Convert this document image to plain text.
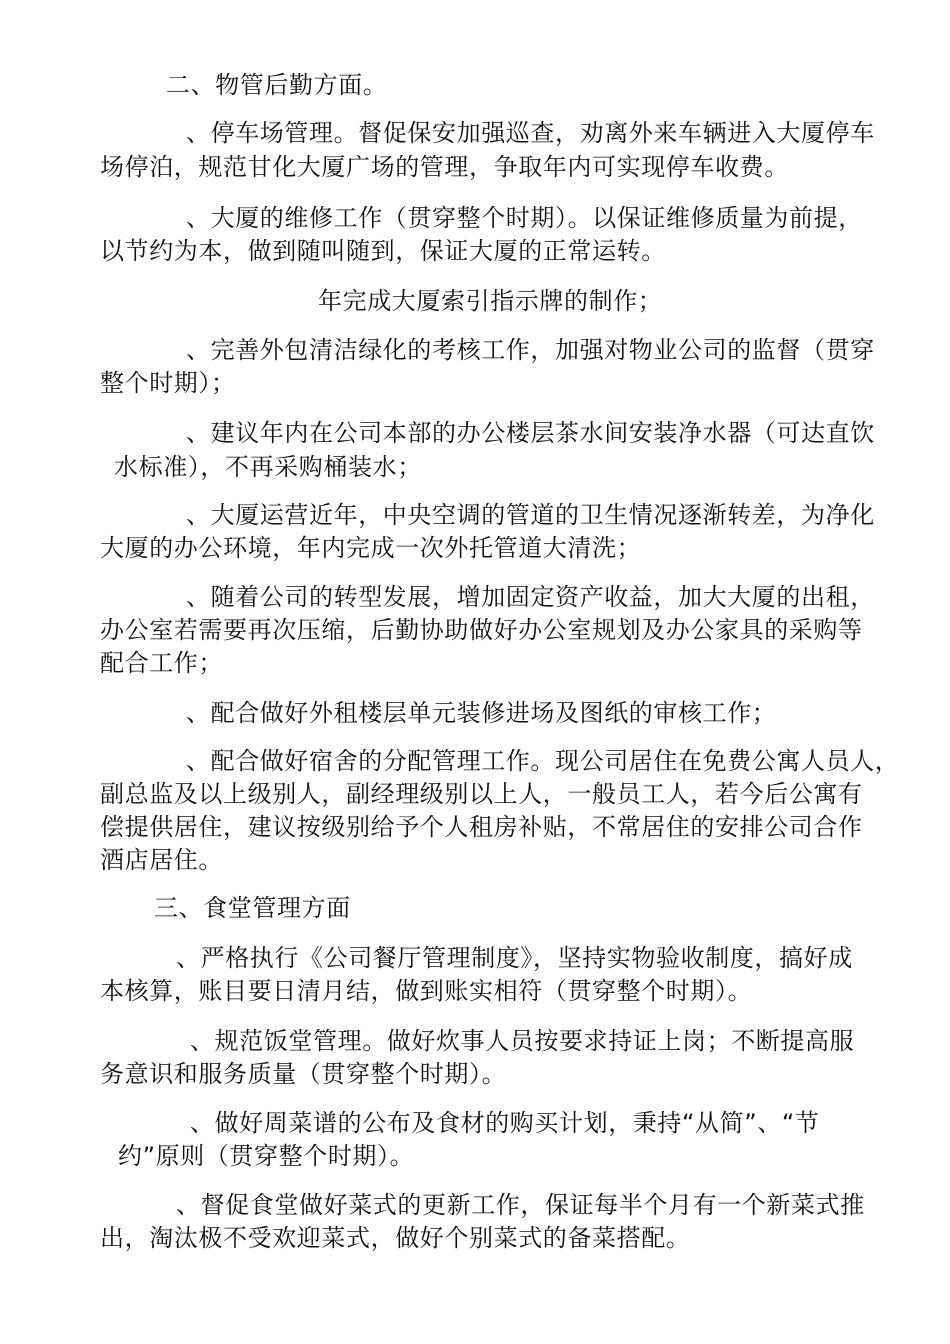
二、物管后勤方面。
、停车场管理。督促保安加强巡查，劝离外来车辆进入大厦停车
场停泊，规范甘化大厦广场的管理，争取年内可实现停车收费。
、大厦的维修工作（贯穿整个时期）。以保证维修质量为前提，
以节约为本，做到随叫随到，保证大厦的正常运转。
年完成大厦索引指示牌的制作；
、完善外包清洁绿化的考核工作，加强对物业公司的监督（贯穿
整个时期）；
、建议年内在公司本部的办公楼层茶水间安装净水器（可达直饮
水标准），不再采购桶装水；
、大厦运营近年，中央空调的管道的卫生情况逐渐转差，为净化
大厦的办公环境，年内完成一次外托管道大清洗；
、随着公司的转型发展，增加固定资产收益，加大大厦的出租，
办公室若需要再次压缩，后勤协助做好办公室规划及办公家具的采购等
配合工作；
、配合做好外租楼层单元装修进场及图纸的审核工作；
、配合做好宿舍的分配管理工作。现公司居住在免费公寓人员人，
副总监及以上级别人，副经理级别以上人，一般员工人，若今后公寓有
偿提供居住，建议按级别给予个人租房补贴，不常居住的安排公司合作
酒店居住。
三、食堂管理方面
、严格执行《公司餐厅管理制度》，坚持实物验收制度，搞好成
本核算，账目要日清月结，做到账实相符（贯穿整个时期）。
、规范饭堂管理。做好炊事人员按要求持证上岗；不断提高服
务意识和服务质量（贯穿整个时期）。
、做好周菜谱的公布及食材的购买计划，秉持“从简”、“节
约”原则（贯穿整个时期）。
、督促食堂做好菜式的更新工作，保证每半个月有一个新菜式推
出，淘汰极不受欢迎菜式，做好个别菜式的备菜搭配。
